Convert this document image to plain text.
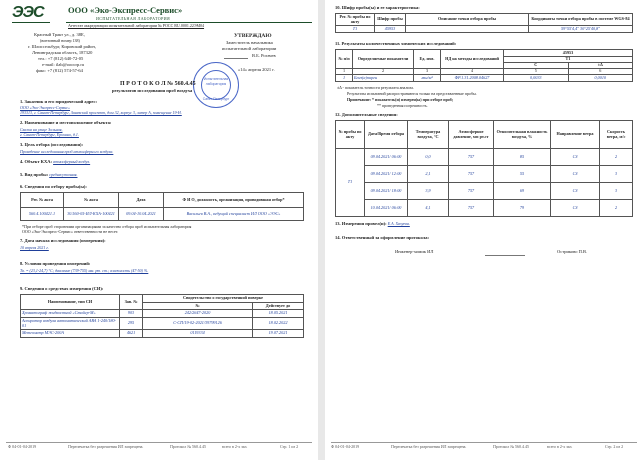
ЭЭС	ООО «Эко-Экспресс-Сервис»
ИСПЫТАТЕЛЬНАЯ ЛАБОРАТОРИЯ
Аттестат аккредитации испытательной лаборатории № РОСС RU.0001.22ЭМ04
Красный Тракт ул., д. 38Е,
(вонтонный номер 138)
г. Шлиссельбург, Кировский район,
Ленинградская область, 187320
тел.: +7 (812) 640-72-05
e-mail: ilab@ooocrp.ru
факс: +7 (812) 574-57-64
УТВЕРЖДАЮ
Заместитель начальника
испытательной лаборатории
В.Б. Рогачев
«14» апреля 2021 г.
Испытательная
лаборатория
Санкт-Петербург
П Р О Т О К О Л № 560.4.45
результатов исследования проб воздуха
1. Заказчик и его юридический адрес:
ООО «Эко-Экспресс-Сервис»
193313, г. Санкт-Петербург, Заневский проспект, дом 32, корпус 3, литер А, помещение 19-Н.
2. Наименование и местоположение объекта:
Свалка на улице Зольная,
г. Санкт-Петербург, Ерохино, д.1.
3. Цель отбора (исследования):
Проведение исследования проб атмосферного воздуха.
4. Объект КХА: атмосферный воздух.
5. Вид пробы: среднесуточная.
6. Сведения по отбору пробы(ы):
Рег. № акта	№ акта	Дата	Ф И О, должность, организация, проводившая отбор*
560.4.100421.1	30.560-05-ИЛ-КХА-100421	09.04-10.04.2021	Васильев В.А., ведущий специалист ИЛ ООО «ЭЭС»
*При отборе проб сторонними организациями за качество отбора проб испытательная лаборатория
ООО «Эко-Экспресс-Сервис» ответственности не несет.
7. Дата начала исследования (измерения):
10 апреля 2021 г.
8. Условия проведения измерений:
Тв. = (23,1-24,7) °С; давление (739-755) мм. рт. ст.; влажность (47-50) %.
9. Сведения о средствах измерения (СИ):
Наименование, тип СИ	Зав. №	Свидетельство о государственной поверке	
		№	Действует до
Хроматограф жидкостной «Стайер-М»	903	242/2647-2020	18.05.2021
Аспиратор воздуха автоматический АВА 1-240/180-01	295	С-СП/19-02-2021/39799126	18.02.2022
Метеометр МЭС-200А	4621	0119334	19.07.2021
Ф 04-01-04-2019	Перепечатка без разрешения ИЛ запрещена.	Протокол № 560.4.45	всего в 2-х экз.	Стр. 1 из 2
10. Шифр пробы(ы) и ее характеристика:
Рег. № пробы по акту	Шифр пробы	Описание точки отбора пробы	Координаты точки отбора пробы в системе WGS-84
Т1	45953		59°55'4,4" 30°25'40,8"
11. Результаты количественных химических исследований:
№ п/п	Определяемые показатели	Ед. изм.	НД на методы исследований	45953	
				Т1	
				С	±Δ
1	2	3	4	5	6
1	Бенз(а)пирен	мкг/м³	ФР.1.31.2008.04627	0,0033	0,0010
±Δ - показатель точности результата анализа.
Результаты испытаний распространяются только на представленные пробы.
Примечание: * показатель(и) измерен(ы) при отборе проб;
** проведенная погрешность.
12. Дополнительные сведения:
№ пробы по акту	Дата/Время отбора	Температура воздуха, °С	Атмосферное давление, мм рт.ст	Относительная влажность воздуха, %	Направление ветра	Скорость ветра, м/с
Т1	09.04.2021/ 06:00	0,0	757	85	СЗ	2
	09.04.2021/ 12:00	2,1	757	55	СЗ	3
	09.04.2021/ 18:00	3,9	757	69	СЗ	3
	10.04.2021/ 06:00	4,1	757	79	СЗ	2
13. Измерения провел(и): Е.А. Хазуева.
14. Ответственный за оформление протокола:
Инженер-химик ИЛ	Остриково П.В.
Ф 04-01-04-2019	Перепечатка без разрешения ИЛ запрещена.	Протокол № 560.4.45	всего в 2-х экз.	Стр. 2 из 2
